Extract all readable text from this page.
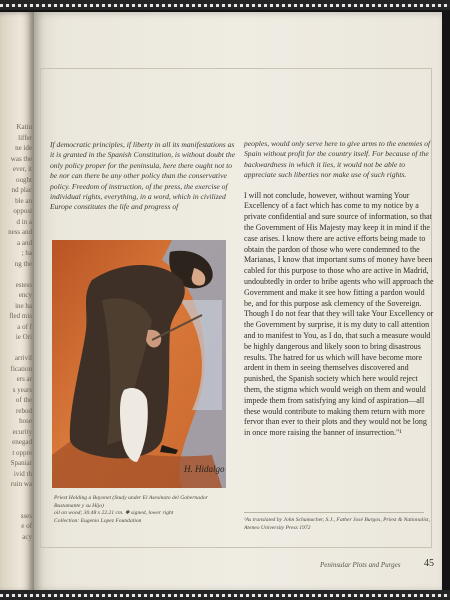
Katiu
liffer
ne ide
was the
ever, it
ought
nd plac
ble an
opposi
d in a
ness and
a and
; ha
ng the
estess
ency
ine ha
fled mis
a of f
ie Ori
arrivil
fication
ers ar
s years
of the
rebod
hose
ecurity
enegad
t oppre
Spaniar
ivid th
ruin wa
sses
e of
acy

If democratic principles, if liberty in all its manifestations as it is granted in the Spanish Constitution, is without doubt the only policy proper for the peninsula, here there ought not to be nor can there be any other policy than the conservative policy. Freedom of instruction, of the press, the exercise of individual rights, everything, in a word, which in civilized Europe constitutes the life and progress of

H. Hidalgo

Priest Holding a Bayonet (Study under El Asesinato del Gobernador Bustamante y su Hijo)

oil on wood; 30.48 x 22.21 cm. ✱ signed, lower right

Collection: Eugenio Lopez Foundation

peoples, would only serve here to give arms to the enemies of Spain without profit for the country itself. For because of the backwardness in which it lies, it would not be able to appreciate such liberties nor make use of such rights.

I will not conclude, however, without warning Your Excellency of a fact which has come to my notice by a private confidential and sure source of information, so that the Government of His Majesty may keep it in mind if the case arises. I know there are active efforts being made to obtain the pardon of those who were condemned to the Marianas, I know that important sums of money have been cabled for this purpose to those who are active in Madrid, undoubtedly in order to bribe agents who will approach the Government and make it see how fitting a pardon would be, and for this purpose ask clemency of the Sovereign. Though I do not fear that they will take Your Excellency or the Government by surprise, it is my duty to call attention and to manifest to You, as I do, that such a measure would be highly dangerous and likely soon to bring disastrous results. The hatred for us which will have become more ardent in them in seeing themselves discovered and punished, the Spanish society which here would reject them, the stigma which would weigh on them and would impede them from satisfying any kind of aspiration—all these would contribute to making them return with more fervor than ever to their plots and they would not be long in once more raising the banner of insurrection."¹

¹As translated by John Schumacher, S.J., Father José Burgos, Priest & Nationalist, Ateneo University Press 1972

Peninsular Plots and Purges 45
